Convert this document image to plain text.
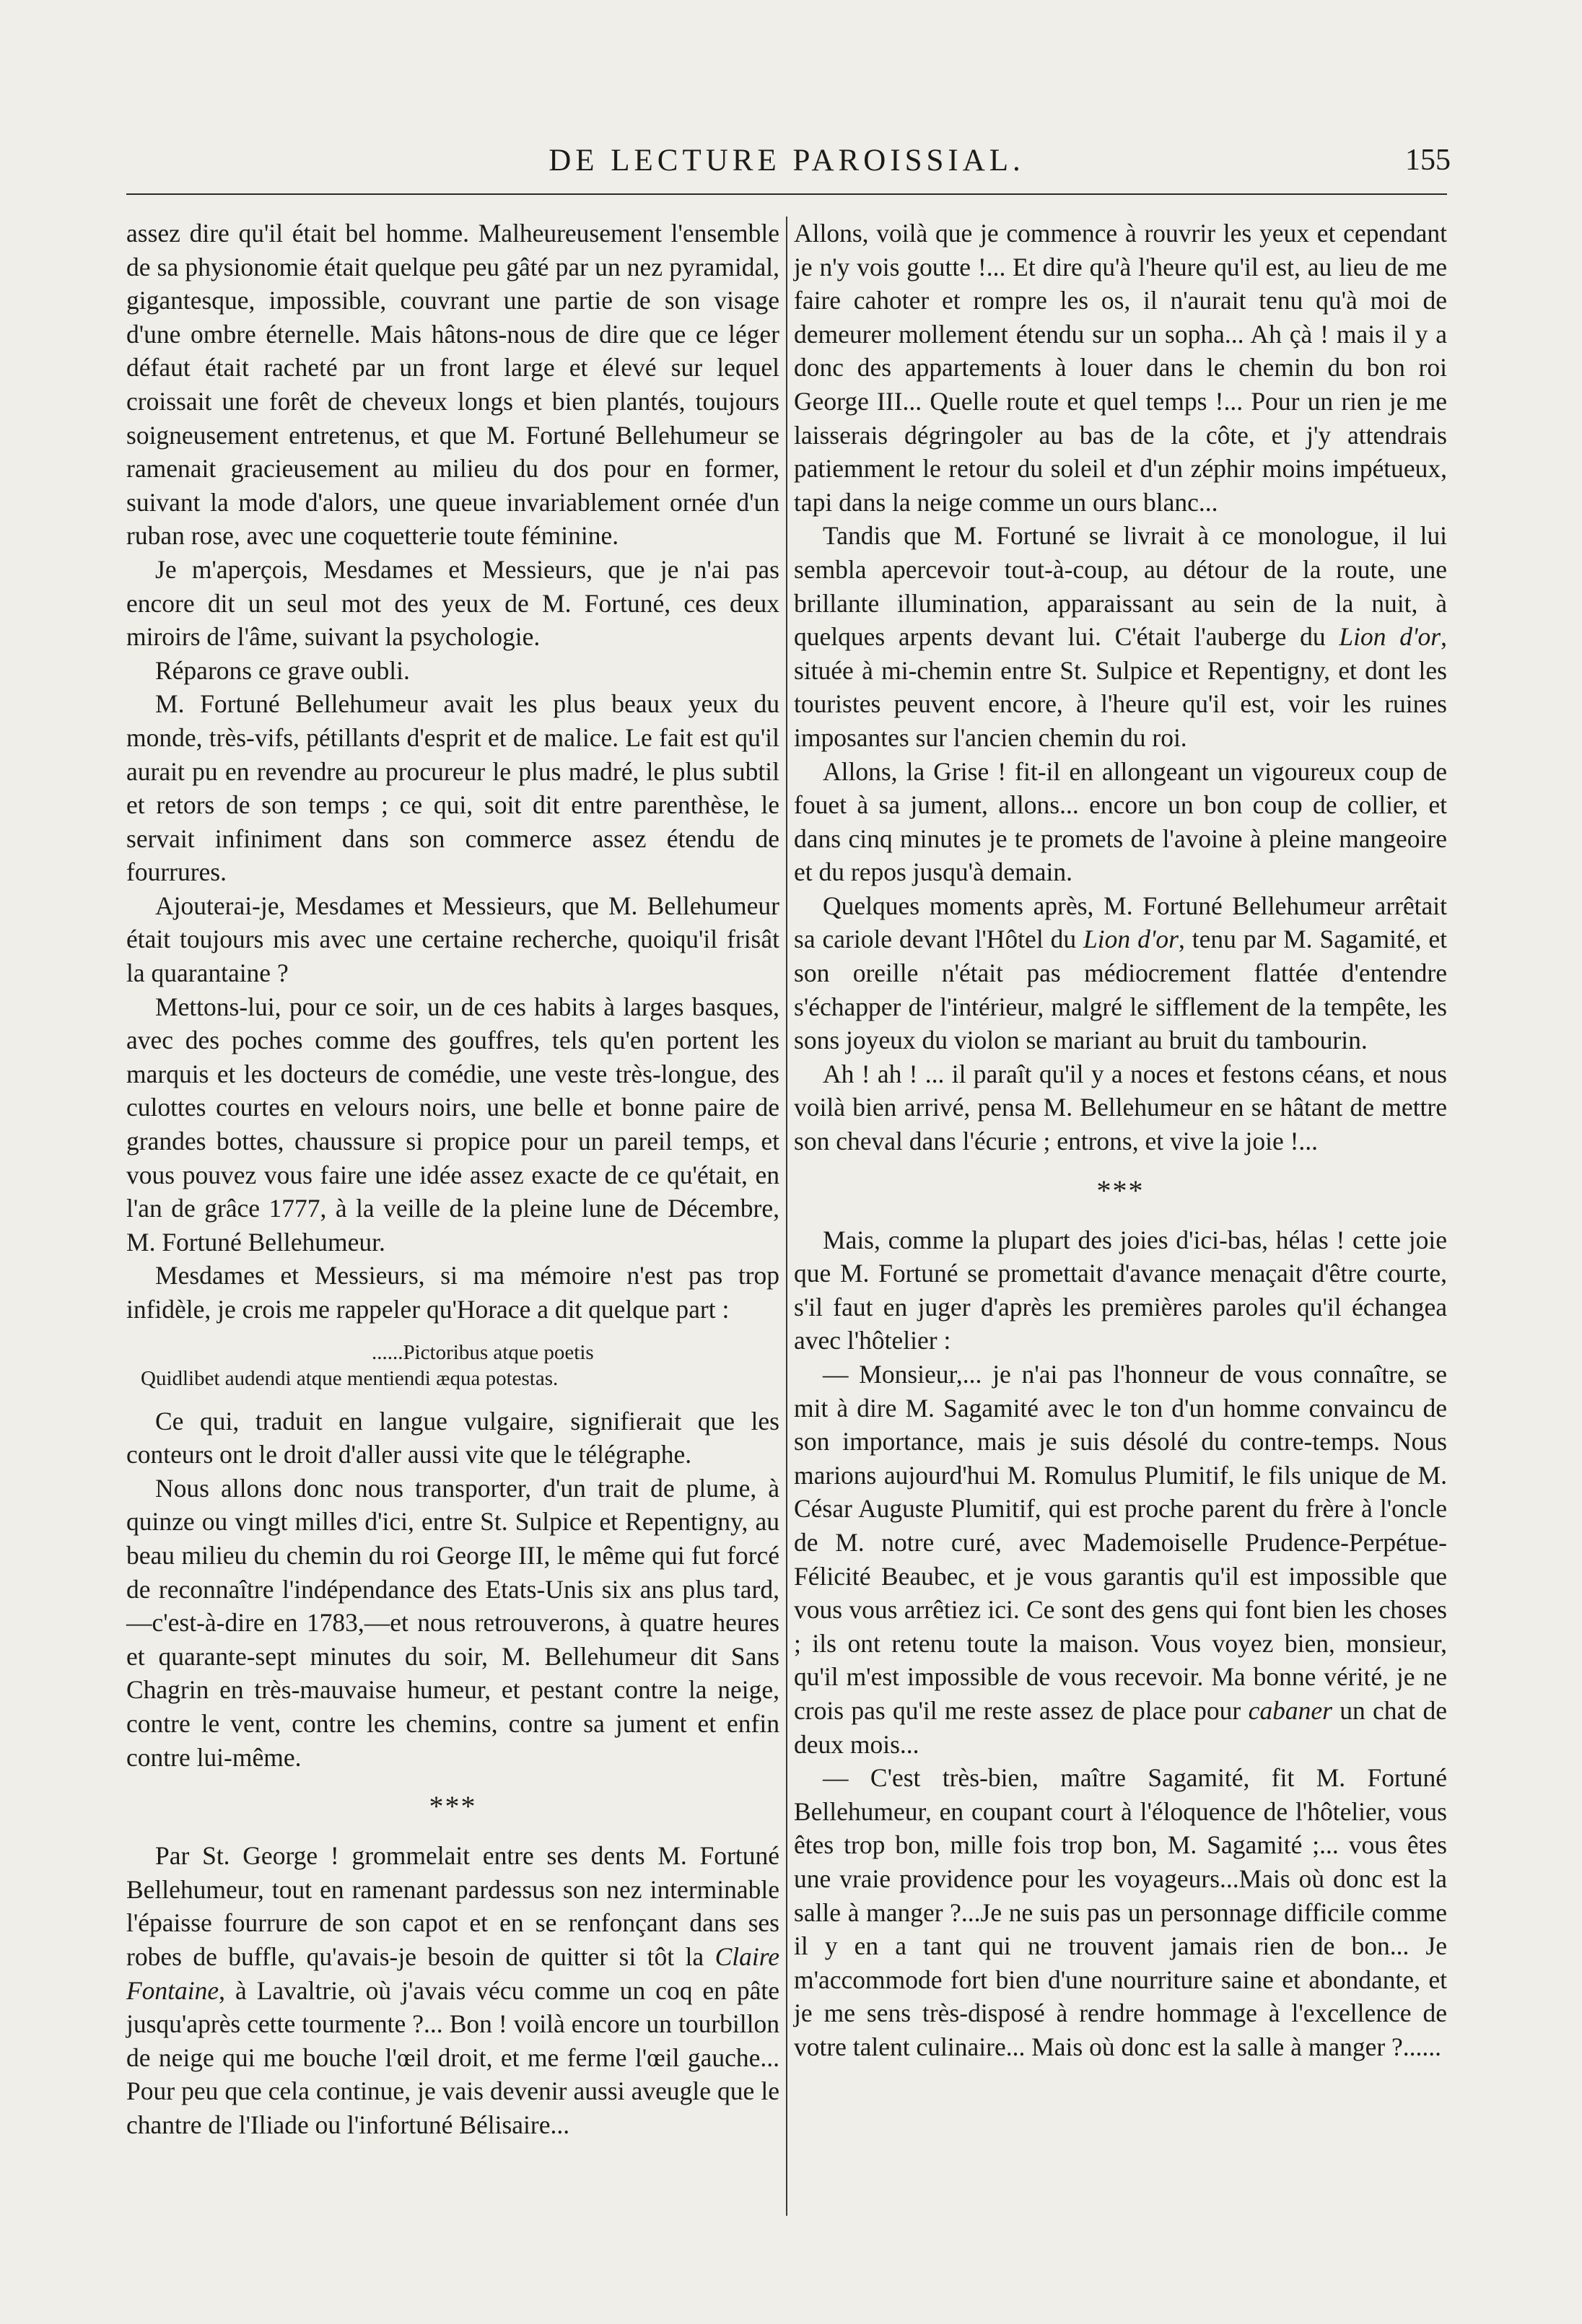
DE LECTURE PAROISSIAL.	155

assez dire qu'il était bel homme. Malheureusement l'ensemble de sa physionomie était quelque peu gâté par un nez pyramidal, gigantesque, impossible, couvrant une partie de son visage d'une ombre éternelle. Mais hâtons-nous de dire que ce léger défaut était racheté par un front large et élevé sur lequel croissait une forêt de cheveux longs et bien plantés, toujours soigneusement entretenus, et que M. Fortuné Bellehumeur se ramenait gracieusement au milieu du dos pour en former, suivant la mode d'alors, une queue invariablement ornée d'un ruban rose, avec une coquetterie toute féminine.

Je m'aperçois, Mesdames et Messieurs, que je n'ai pas encore dit un seul mot des yeux de M. Fortuné, ces deux miroirs de l'âme, suivant la psychologie.

Réparons ce grave oubli.

M. Fortuné Bellehumeur avait les plus beaux yeux du monde, très-vifs, pétillants d'esprit et de malice. Le fait est qu'il aurait pu en revendre au procureur le plus madré, le plus subtil et retors de son temps ; ce qui, soit dit entre parenthèse, le servait infiniment dans son commerce assez étendu de fourrures.

Ajouterai-je, Mesdames et Messieurs, que M. Bellehumeur était toujours mis avec une certaine recherche, quoiqu'il frisât la quarantaine ?

Mettons-lui, pour ce soir, un de ces habits à larges basques, avec des poches comme des gouffres, tels qu'en portent les marquis et les docteurs de comédie, une veste très-longue, des culottes courtes en velours noirs, une belle et bonne paire de grandes bottes, chaussure si propice pour un pareil temps, et vous pouvez vous faire une idée assez exacte de ce qu'était, en l'an de grâce 1777, à la veille de la pleine lune de Décembre, M. Fortuné Bellehumeur.

Mesdames et Messieurs, si ma mémoire n'est pas trop infidèle, je crois me rappeler qu'Horace a dit quelque part :

......Pictoribus atque poetis
Quidlibet audendi atque mentiendi æqua potestas.

Ce qui, traduit en langue vulgaire, signifierait que les conteurs ont le droit d'aller aussi vite que le télégraphe.

Nous allons donc nous transporter, d'un trait de plume, à quinze ou vingt milles d'ici, entre St. Sulpice et Repentigny, au beau milieu du chemin du roi George III, le même qui fut forcé de reconnaître l'indépendance des Etats-Unis six ans plus tard,—c'est-à-dire en 1783,—et nous retrouverons, à quatre heures et quarante-sept minutes du soir, M. Bellehumeur dit Sans Chagrin en très-mauvaise humeur, et pestant contre la neige, contre le vent, contre les chemins, contre sa jument et enfin contre lui-même.

***

Par St. George ! grommelait entre ses dents M. Fortuné Bellehumeur, tout en ramenant pardessus son nez interminable l'épaisse fourrure de son capot et en se renfonçant dans ses robes de buffle, qu'avais-je besoin de quitter si tôt la Claire Fontaine, à Lavaltrie, où j'avais vécu comme un coq en pâte jusqu'après cette tourmente ?... Bon ! voilà encore un tourbillon de neige qui me bouche l'œil droit, et me ferme l'œil gauche... Pour peu que cela continue, je vais devenir aussi aveugle que le chantre de l'Iliade ou l'infortuné Bélisaire...

Allons, voilà que je commence à rouvrir les yeux et cependant je n'y vois goutte !... Et dire qu'à l'heure qu'il est, au lieu de me faire cahoter et rompre les os, il n'aurait tenu qu'à moi de demeurer mollement étendu sur un sopha... Ah çà ! mais il y a donc des appartements à louer dans le chemin du bon roi George III... Quelle route et quel temps !... Pour un rien je me laisserais dégringoler au bas de la côte, et j'y attendrais patiemment le retour du soleil et d'un zéphir moins impétueux, tapi dans la neige comme un ours blanc...

Tandis que M. Fortuné se livrait à ce monologue, il lui sembla apercevoir tout-à-coup, au détour de la route, une brillante illumination, apparaissant au sein de la nuit, à quelques arpents devant lui. C'était l'auberge du Lion d'or, située à mi-chemin entre St. Sulpice et Repentigny, et dont les touristes peuvent encore, à l'heure qu'il est, voir les ruines imposantes sur l'ancien chemin du roi.

Allons, la Grise ! fit-il en allongeant un vigoureux coup de fouet à sa jument, allons... encore un bon coup de collier, et dans cinq minutes je te promets de l'avoine à pleine mangeoire et du repos jusqu'à demain.

Quelques moments après, M. Fortuné Bellehumeur arrêtait sa cariole devant l'Hôtel du Lion d'or, tenu par M. Sagamité, et son oreille n'était pas médiocrement flattée d'entendre s'échapper de l'intérieur, malgré le sifflement de la tempête, les sons joyeux du violon se mariant au bruit du tambourin.

Ah ! ah ! ... il paraît qu'il y a noces et festons céans, et nous voilà bien arrivé, pensa M. Bellehumeur en se hâtant de mettre son cheval dans l'écurie ; entrons, et vive la joie !...

***

Mais, comme la plupart des joies d'ici-bas, hélas ! cette joie que M. Fortuné se promettait d'avance menaçait d'être courte, s'il faut en juger d'après les premières paroles qu'il échangea avec l'hôtelier :

— Monsieur,... je n'ai pas l'honneur de vous connaître, se mit à dire M. Sagamité avec le ton d'un homme convaincu de son importance, mais je suis désolé du contre-temps. Nous marions aujourd'hui M. Romulus Plumitif, le fils unique de M. César Auguste Plumitif, qui est proche parent du frère à l'oncle de M. notre curé, avec Mademoiselle Prudence-Perpétue-Félicité Beaubec, et je vous garantis qu'il est impossible que vous vous arrêtiez ici. Ce sont des gens qui font bien les choses ; ils ont retenu toute la maison. Vous voyez bien, monsieur, qu'il m'est impossible de vous recevoir. Ma bonne vérité, je ne crois pas qu'il me reste assez de place pour cabaner un chat de deux mois...

— C'est très-bien, maître Sagamité, fit M. Fortuné Bellehumeur, en coupant court à l'éloquence de l'hôtelier, vous êtes trop bon, mille fois trop bon, M. Sagamité ;... vous êtes une vraie providence pour les voyageurs...Mais où donc est la salle à manger ?...Je ne suis pas un personnage difficile comme il y en a tant qui ne trouvent jamais rien de bon... Je m'accommode fort bien d'une nourriture saine et abondante, et je me sens très-disposé à rendre hommage à l'excellence de votre talent culinaire... Mais où donc est la salle à manger ?......
